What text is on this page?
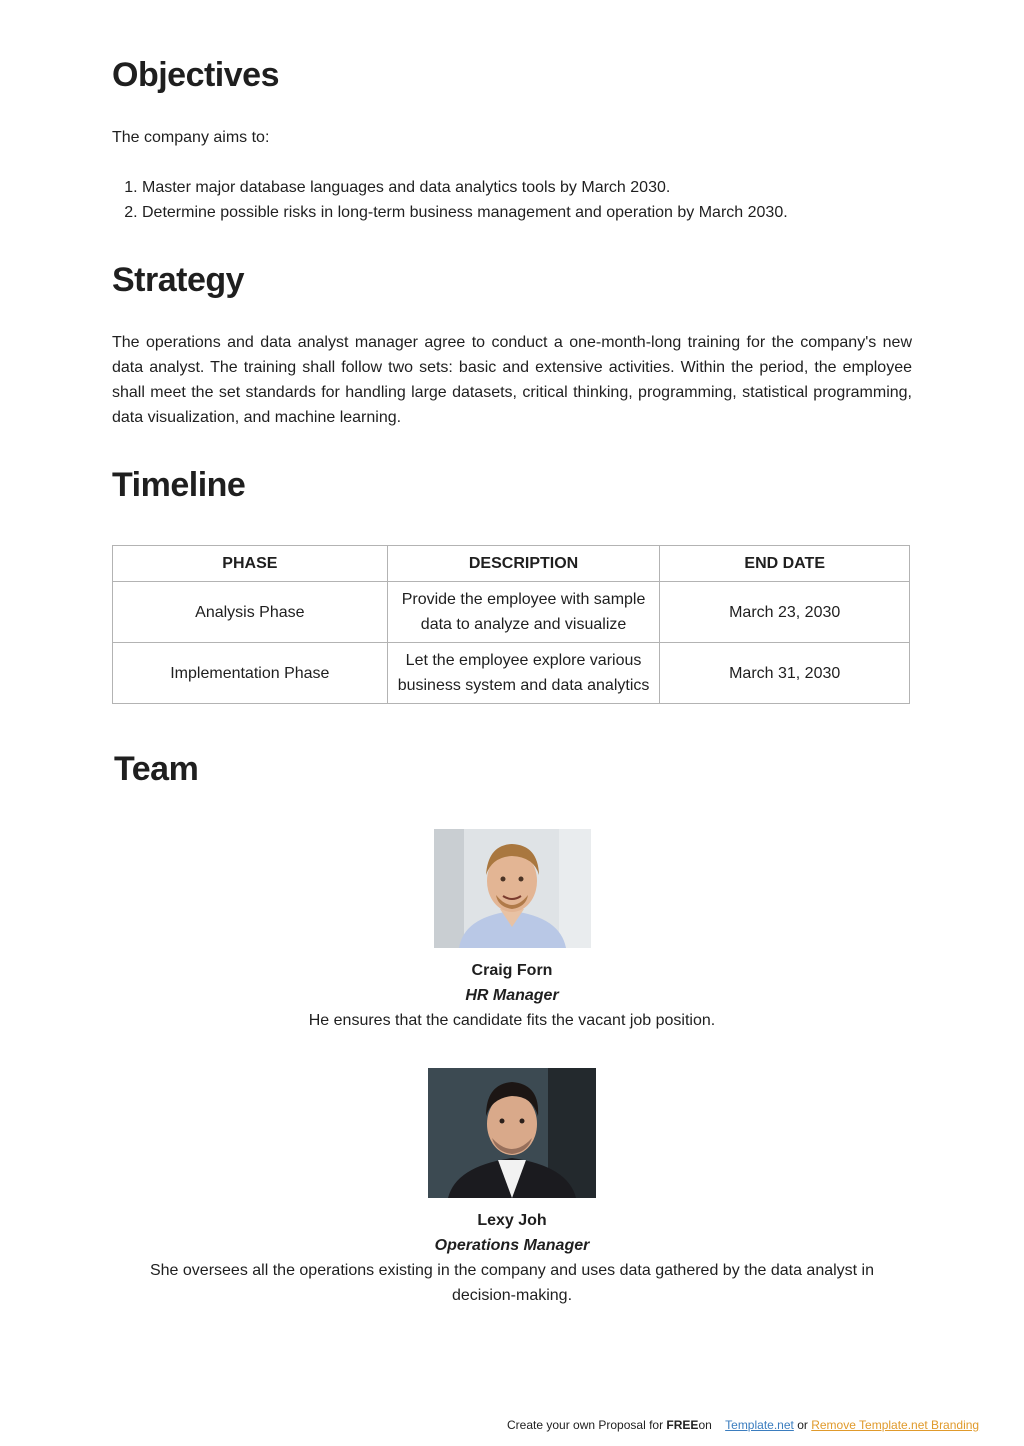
Objectives

The company aims to:

1. Master major database languages and data analytics tools by March 2030.
2. Determine possible risks in long-term business management and operation by March 2030.
Strategy

The operations and data analyst manager agree to conduct a one-month-long training for the company's new data analyst. The training shall follow two sets: basic and extensive activities. Within the period, the employee shall meet the set standards for handling large datasets, critical thinking, programming, statistical programming, data visualization, and machine learning.

Timeline
PHASE	DESCRIPTION	END DATE
Analysis Phase	Provide the employee with sample data to analyze and visualize	March 23, 2030
Implementation Phase	Let the employee explore various business system and data analytics	March 31, 2030
Team
Craig Forn
HR Manager
He ensures that the candidate fits the vacant job position.
Lexy Joh
Operations Manager
She oversees all the operations existing in the company and uses data gathered by the data analyst in decision-making.
Create your own Proposal for FREEon Template.net or Remove Template.net Branding
